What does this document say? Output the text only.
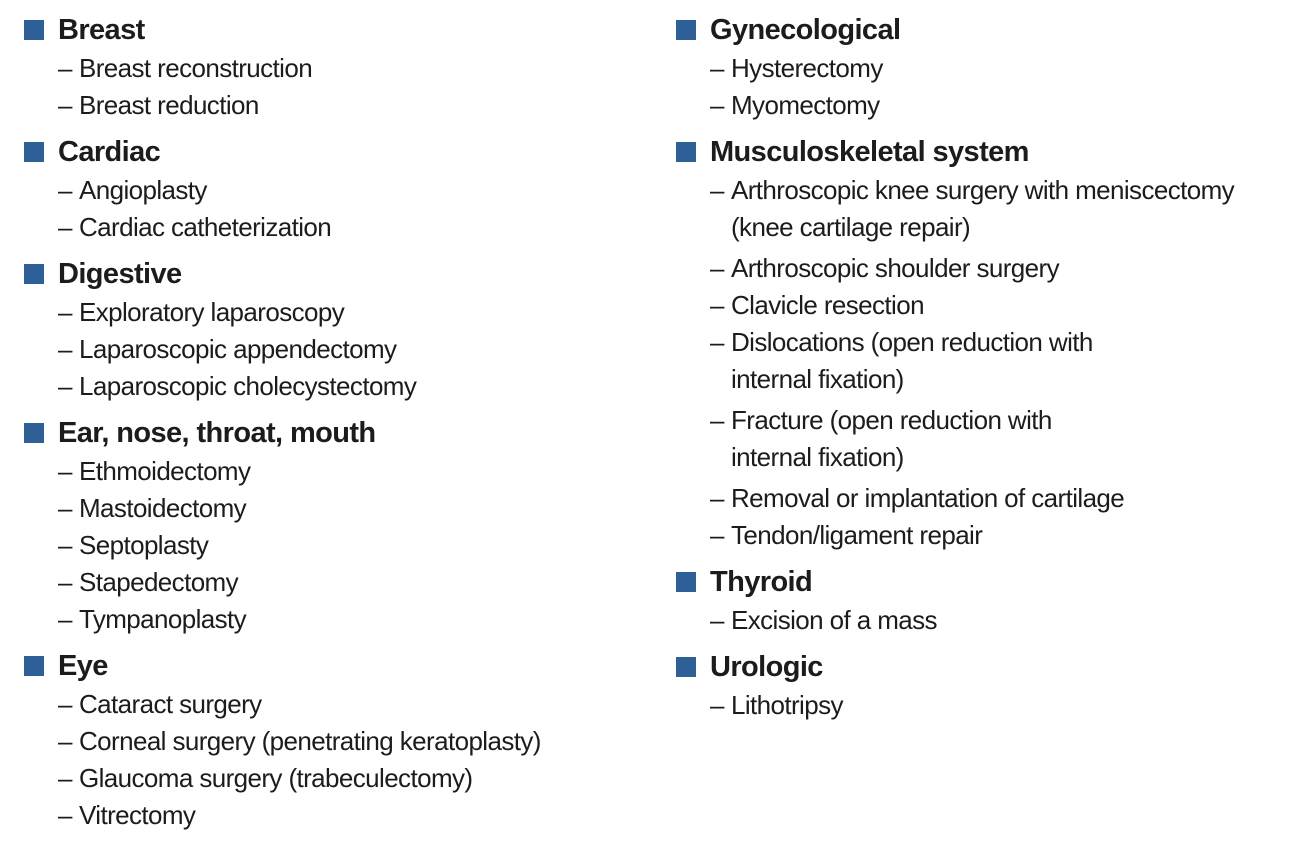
Breast
– Breast reconstruction
– Breast reduction
Cardiac
– Angioplasty
– Cardiac catheterization
Digestive
– Exploratory laparoscopy
– Laparoscopic appendectomy
– Laparoscopic cholecystectomy
Ear, nose, throat, mouth
– Ethmoidectomy
– Mastoidectomy
– Septoplasty
– Stapedectomy
– Tympanoplasty
Eye
– Cataract surgery
– Corneal surgery (penetrating keratoplasty)
– Glaucoma surgery (trabeculectomy)
– Vitrectomy
Gynecological
– Hysterectomy
– Myomectomy
Musculoskeletal system
– Arthroscopic knee surgery with meniscectomy
(knee cartilage repair)
– Arthroscopic shoulder surgery
– Clavicle resection
– Dislocations (open reduction with
internal fixation)
– Fracture (open reduction with
internal fixation)
– Removal or implantation of cartilage
– Tendon/ligament repair
Thyroid
– Excision of a mass
Urologic
– Lithotripsy
